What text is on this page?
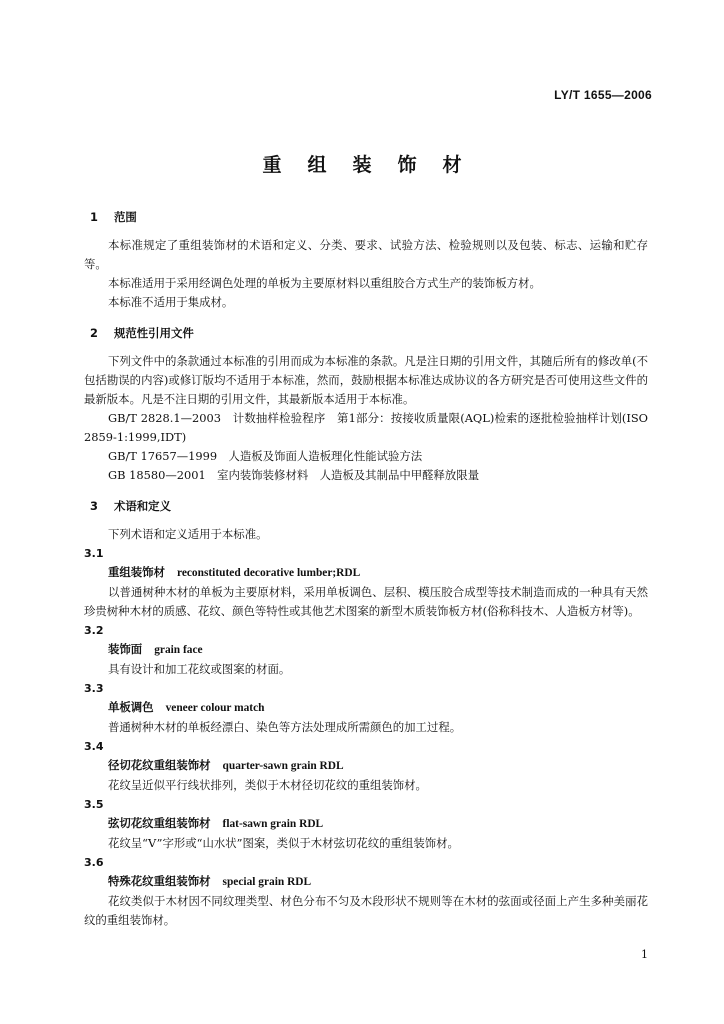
LY/T 1655—2006
重组装饰材
1 范围

本标准规定了重组装饰材的术语和定义、分类、要求、试验方法、检验规则以及包装、标志、运输和贮存等。

本标准适用于采用经调色处理的单板为主要原材料以重组胶合方式生产的装饰板方材。

本标准不适用于集成材。

2 规范性引用文件

下列文件中的条款通过本标准的引用而成为本标准的条款。凡是注日期的引用文件，其随后所有的修改单(不包括勘误的内容)或修订版均不适用于本标准，然而，鼓励根据本标准达成协议的各方研究是否可使用这些文件的最新版本。凡是不注日期的引用文件，其最新版本适用于本标准。

GB/T 2828.1—2003　计数抽样检验程序　第1部分：按接收质量限(AQL)检索的逐批检验抽样计划(ISO 2859-1:1999,IDT)

GB/T 17657—1999　人造板及饰面人造板理化性能试验方法

GB 18580—2001　室内装饰装修材料　人造板及其制品中甲醛释放限量

3 术语和定义

下列术语和定义适用于本标准。

3.1

重组装饰材 reconstituted decorative lumber;RDL

以普通树种木材的单板为主要原材料，采用单板调色、层积、模压胶合成型等技术制造而成的一种具有天然珍贵树种木材的质感、花纹、颜色等特性或其他艺术图案的新型木质装饰板方材(俗称科技木、人造板方材等)。

3.2

装饰面 grain face

具有设计和加工花纹或图案的材面。

3.3

单板调色 veneer colour match

普通树种木材的单板经漂白、染色等方法处理成所需颜色的加工过程。

3.4

径切花纹重组装饰材 quarter-sawn grain RDL

花纹呈近似平行线状排列，类似于木材径切花纹的重组装饰材。

3.5

弦切花纹重组装饰材 flat-sawn grain RDL

花纹呈“V”字形或“山水状”图案，类似于木材弦切花纹的重组装饰材。

3.6

特殊花纹重组装饰材 special grain RDL

花纹类似于木材因不同纹理类型、材色分布不匀及木段形状不规则等在木材的弦面或径面上产生多种美丽花纹的重组装饰材。

1
